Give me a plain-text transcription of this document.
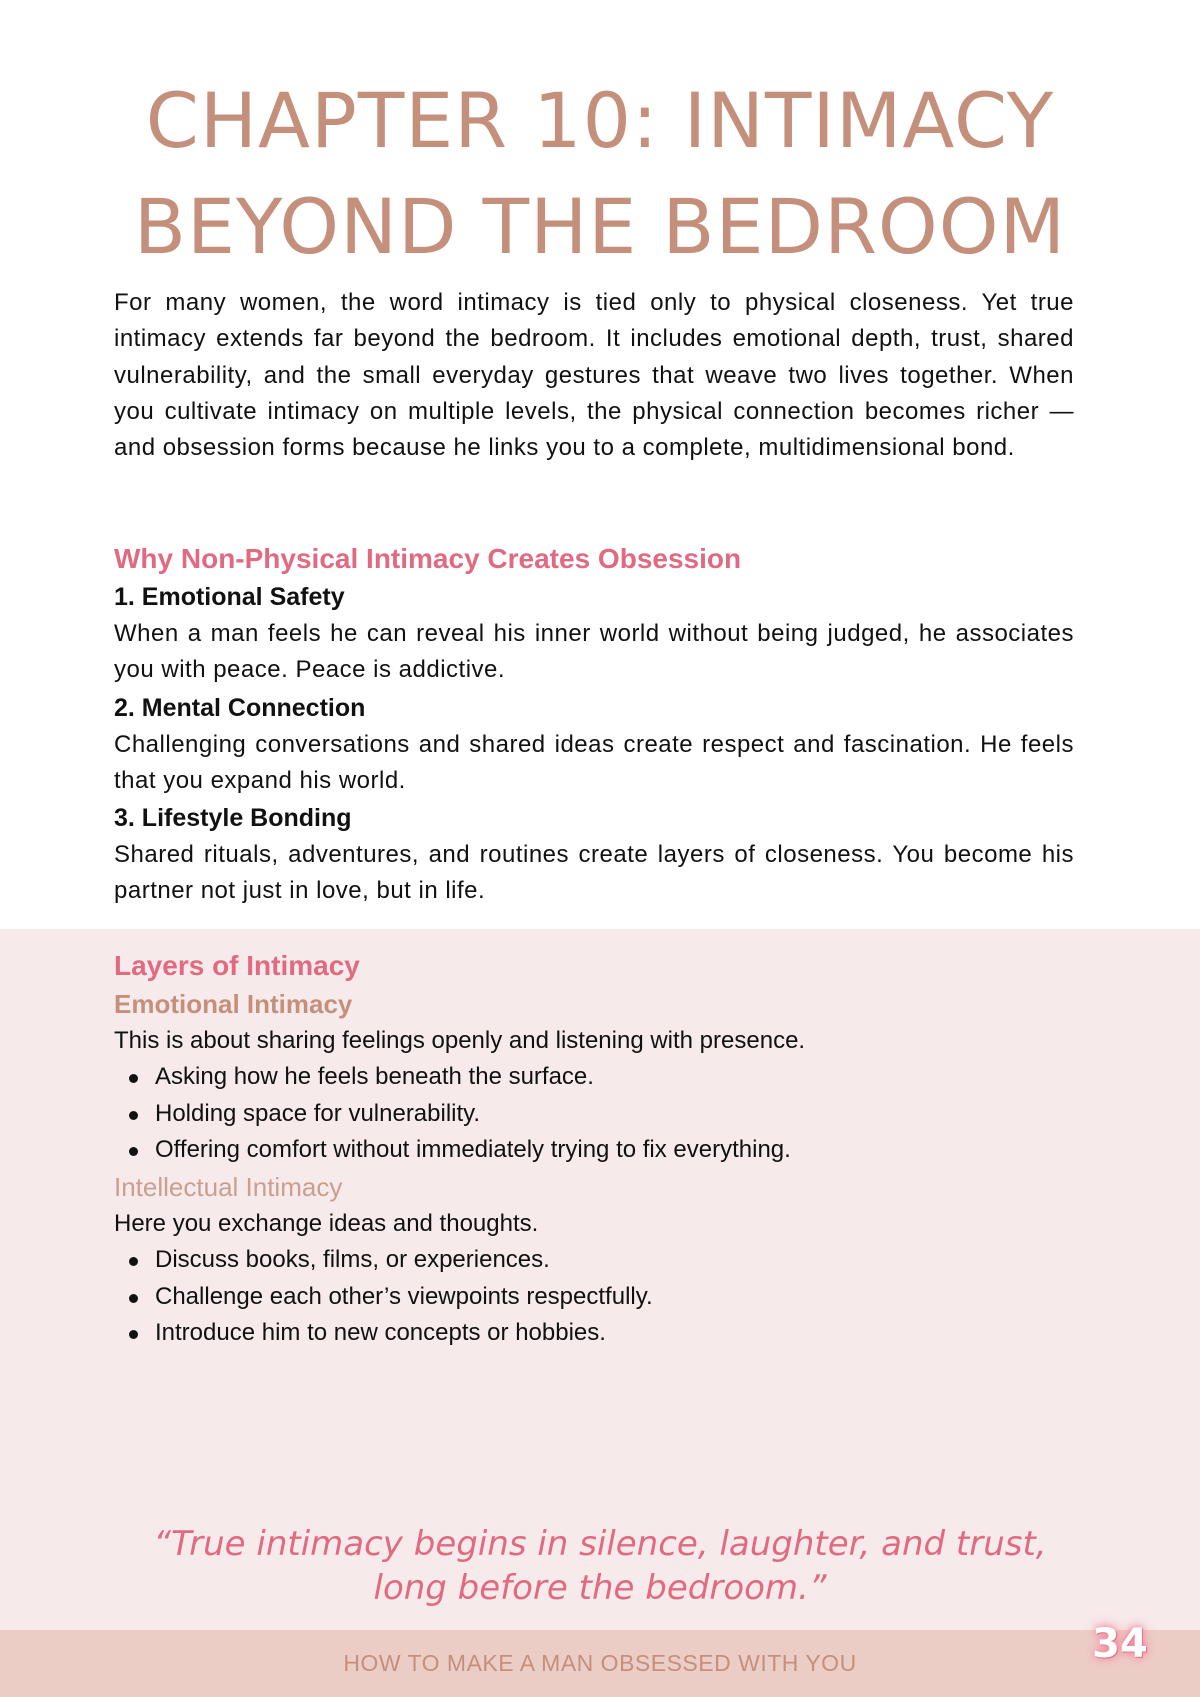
CHAPTER 10: INTIMACY
BEYOND THE BEDROOM

For many women, the word intimacy is tied only to physical closeness. Yet true intimacy extends far beyond the bedroom. It includes emotional depth, trust, shared vulnerability, and the small everyday gestures that weave two lives together. When you cultivate intimacy on multiple levels, the physical connection becomes richer — and obsession forms because he links you to a complete, multidimensional bond.

Why Non-Physical Intimacy Creates Obsession
1. Emotional Safety

When a man feels he can reveal his inner world without being judged, he associates you with peace. Peace is addictive.

2. Mental Connection

Challenging conversations and shared ideas create respect and fascination. He feels that you expand his world.

3. Lifestyle Bonding

Shared rituals, adventures, and routines create layers of closeness. You become his partner not just in love, but in life.

Layers of Intimacy
Emotional Intimacy

This is about sharing feelings openly and listening with presence.

Asking how he feels beneath the surface.
Holding space for vulnerability.
Offering comfort without immediately trying to fix everything.
Intellectual Intimacy

Here you exchange ideas and thoughts.

Discuss books, films, or experiences.
Challenge each other’s viewpoints respectfully.
Introduce him to new concepts or hobbies.

“True intimacy begins in silence, laughter, and trust,
long before the bedroom.”

HOW TO MAKE A MAN OBSESSED WITH YOU	34
